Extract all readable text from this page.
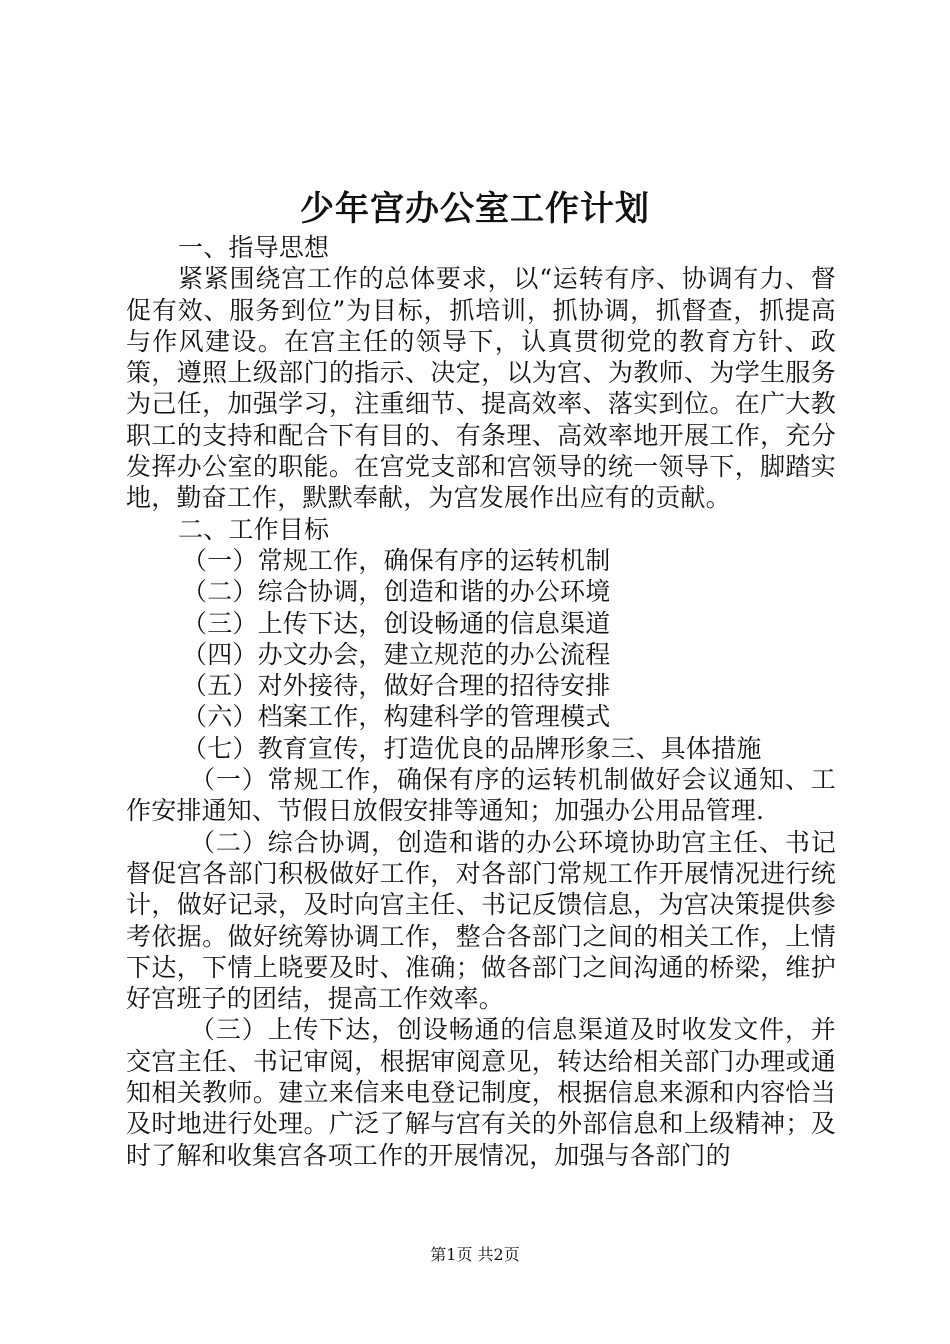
少年宫办公室工作计划

一、指导思想

紧紧围绕宫工作的总体要求，以“运转有序、协调有力、督促有效、服务到位”为目标，抓培训，抓协调，抓督查，抓提高与作风建设。在宫主任的领导下，认真贯彻党的教育方针、政策，遵照上级部门的指示、决定，以为宫、为教师、为学生服务为己任，加强学习，注重细节、提高效率、落实到位。在广大教职工的支持和配合下有目的、有条理、高效率地开展工作，充分发挥办公室的职能。在宫党支部和宫领导的统一领导下，脚踏实地，勤奋工作，默默奉献，为宫发展作出应有的贡献。

二、工作目标

（一）常规工作，确保有序的运转机制

（二）综合协调，创造和谐的办公环境

（三）上传下达，创设畅通的信息渠道

（四）办文办会，建立规范的办公流程

（五）对外接待，做好合理的招待安排

（六）档案工作，构建科学的管理模式

（七）教育宣传，打造优良的品牌形象三、具体措施

（一）常规工作，确保有序的运转机制做好会议通知、工作安排通知、节假日放假安排等通知；加强办公用品管理.

（二）综合协调，创造和谐的办公环境协助宫主任、书记督促宫各部门积极做好工作，对各部门常规工作开展情况进行统计，做好记录，及时向宫主任、书记反馈信息，为宫决策提供参考依据。做好统筹协调工作，整合各部门之间的相关工作，上情下达，下情上晓要及时、准确；做各部门之间沟通的桥梁，维护好宫班子的团结，提高工作效率。

（三）上传下达，创设畅通的信息渠道及时收发文件，并交宫主任、书记审阅，根据审阅意见，转达给相关部门办理或通知相关教师。建立来信来电登记制度，根据信息来源和内容恰当及时地进行处理。广泛了解与宫有关的外部信息和上级精神；及时了解和收集宫各项工作的开展情况，加强与各部门的

第1页 共2页
